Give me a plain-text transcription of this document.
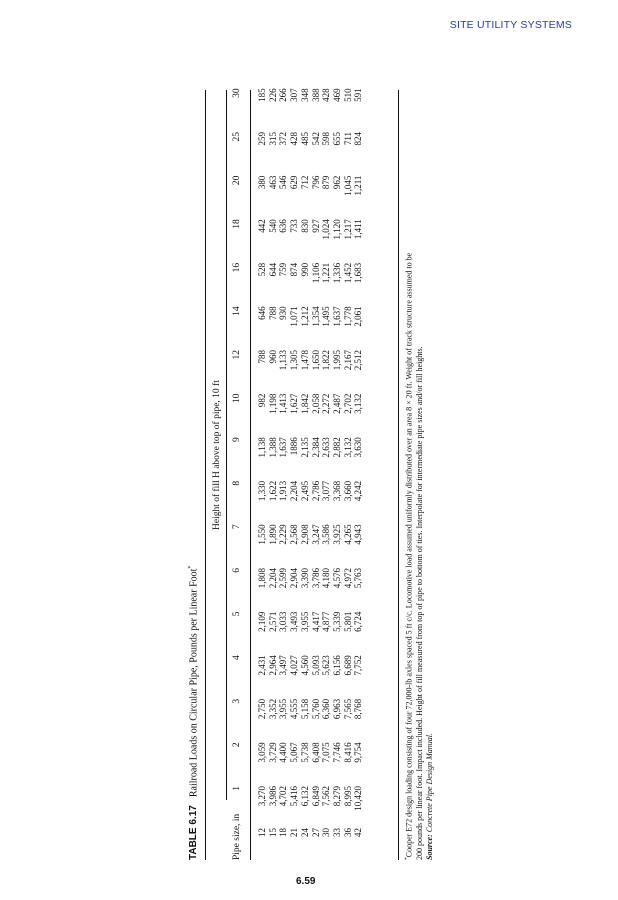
SITE UTILITY SYSTEMS
TABLE 6.17Railroad Loads on Circular Pipe, Pounds per Linear Foot*
Height of fill H above top of pipe, 10 ft
Pipe size, in
1
2
3
4
5
6
7
8
9
10
12
14
16
18
20
25
30
12 15 18 21 24 27 30 33 36 42
3,270 3,986 4,702 5,416 6,132 6,849 7,562 8,279 8,995 10,420
3,059 3,729 4,400 5,067 5,738 6,408 7,075 7,746 8,416 9,754
2,750 3,352 3,955 4,555 5,158 5,760 6,360 6,963 7,565 8,768
2,431 2,964 3,497 4,027 4,560 5,093 5,623 6,156 6,689 7,752
2,109 2,571 3,033 3,493 3,955 4,417 4,877 5,339 5,801 6,724
1,808 2,204 2,599 2,904 3,390 3,786 4,180 4,576 4,972 5,763
1,550 1,890 2,229 2,568 2,908 3,247 3,586 3,925 4,265 4,943
1,330 1,622 1,913 2,204 2,495 2,786 3,077 3,368 3,660 4,242
1,138 1,388 1,637 1886 2,135 2,384 2,633 2,882 3,132 3,630
982 1,198 1,413 1,627 1,842 2,058 2,272 2,487 2,702 3,132
788 960 1,133 1,305 1,478 1,650 1,822 1,995 2,167 2,512
646 788 930 1,071 1,212 1,354 1,495 1,637 1,778 2,061
528 644 759 874 990 1,106 1,221 1,336 1,452 1,683
442 540 636 733 830 927 1,024 1,120 1,217 1,411
380 463 546 629 712 796 879 962 1,045 1,211
259 315 372 428 485 542 598 655 711 824
185 226 266 307 348 388 428 469 510 591
*Cooper E72 design loading consisting of four 72,000-lb axles spaced 5 ft c/c. Locomotive load assumed uniformly distributed over an area 8 × 20 ft. Weight of track structure assumed to be 200 pounds per linear foot. Impact included. Height of fill measured from top of pipe to bottom of ties. Interpolate for intermediate pipe sizes and/or fill heights. Source: Concrete Pipe Design Manual.
6.59
